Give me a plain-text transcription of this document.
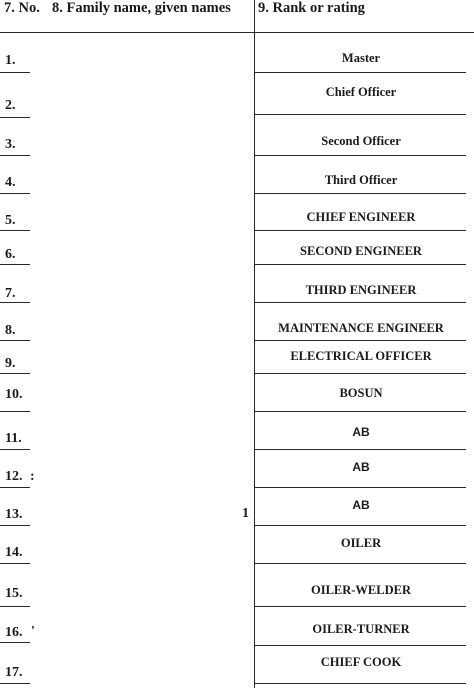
7. No. 8. Family name, given names 9. Rank or rating
1.
2.
3.
4.
5.
6.
7.
8.
9.
10.
11.
12.
13.
14.
15.
16.
17.
:
1
'
Master
Chief Officer
Second Officer
Third Officer
CHIEF ENGINEER
SECOND ENGINEER
THIRD ENGINEER
MAINTENANCE ENGINEER
ELECTRICAL OFFICER
BOSUN
AB
AB
AB
OILER
OILER-WELDER
OILER-TURNER
CHIEF COOK
